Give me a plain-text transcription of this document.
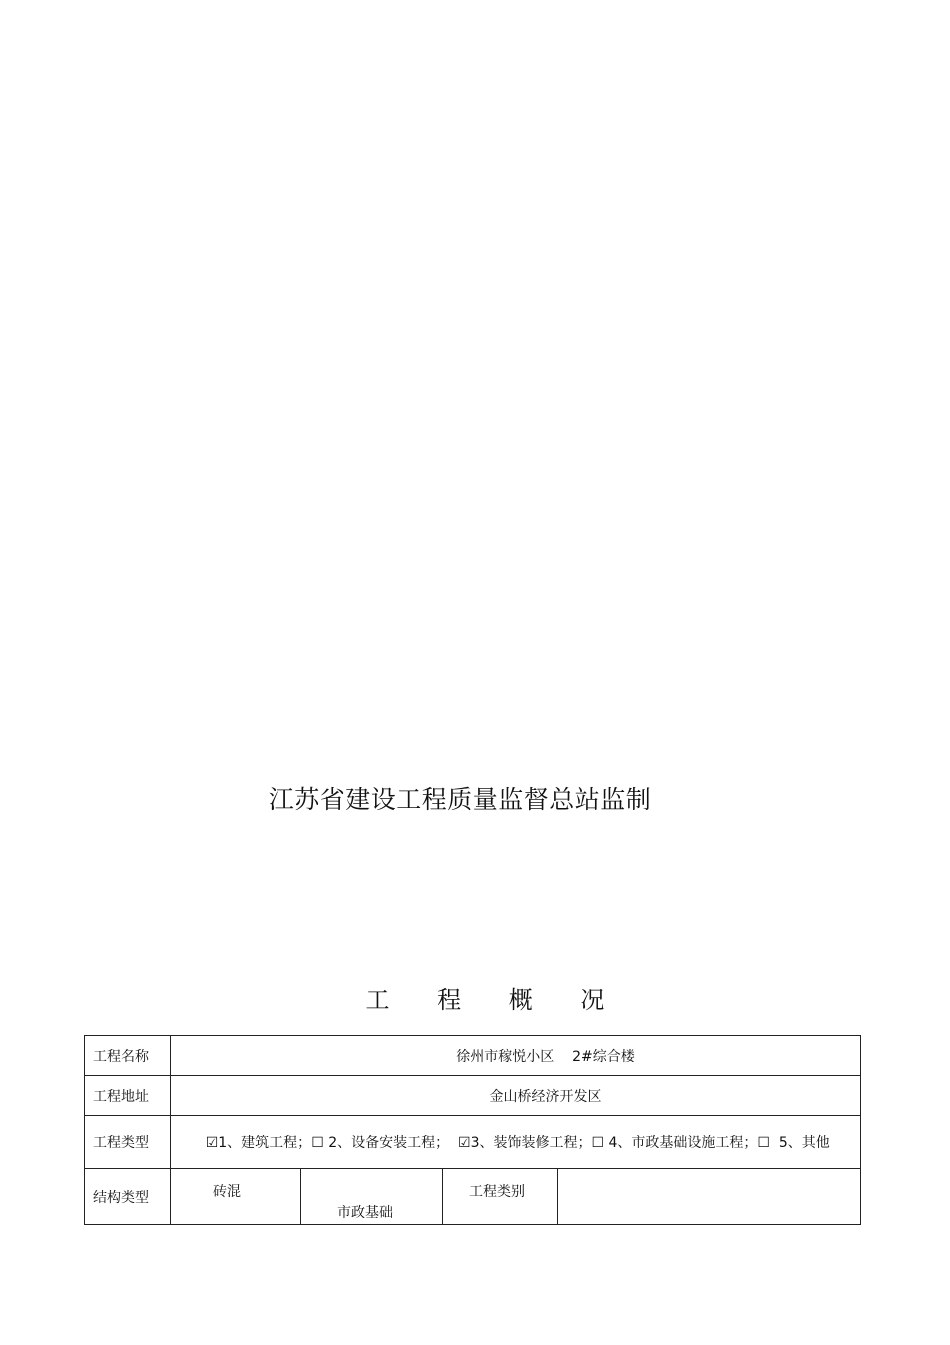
江苏省建设工程质量监督总站监制
工 程 概 况
工程名称	徐州市稼悦小区    2#综合楼			
工程地址	金山桥经济开发区			
工程类型	☑1、建筑工程；☐ 2、设备安装工程；  ☑3、装饰装修工程；☐ 4、市政基础设施工程；☐  5、其他			

结构类型	砖混	市政基础	工程类别	
